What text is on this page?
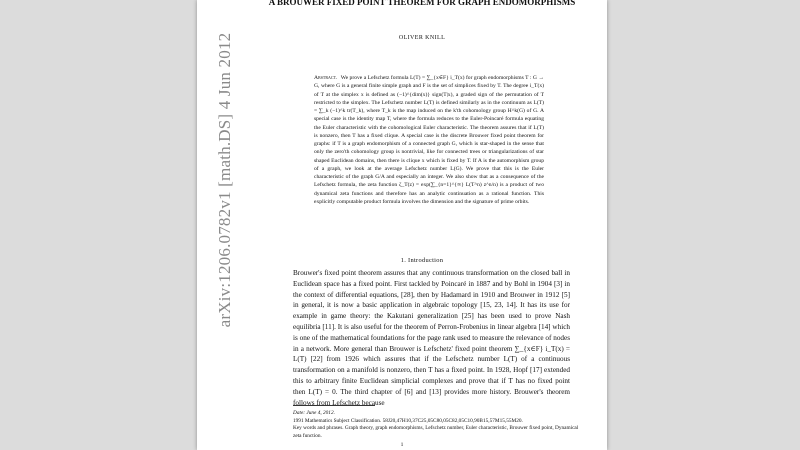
arXiv:1206.0782v1 [math.DS] 4 Jun 2012
A BROUWER FIXED POINT THEOREM FOR GRAPH ENDOMORPHISMS
OLIVER KNILL
Abstract. We prove a Lefschetz formula L(T) = ∑_{x∈F} i_T(x) for graph endomorphisms T : G → G, where G is a general finite simple graph and F is the set of simplices fixed by T. The degree i_T(x) of T at the simplex x is defined as (−1)^{dim(x)} sign(T|x), a graded sign of the permutation of T restricted to the simplex. The Lefschetz number L(T) is defined similarly as in the continuum as L(T) = ∑_k (−1)^k tr(T_k), where T_k is the map induced on the k'th cohomology group H^k(G) of G. A special case is the identity map T, where the formula reduces to the Euler-Poincaré formula equating the Euler characteristic with the cohomological Euler characteristic. The theorem assures that if L(T) is nonzero, then T has a fixed clique. A special case is the discrete Brouwer fixed point theorem for graphs: if T is a graph endomorphism of a connected graph G, which is star-shaped in the sense that only the zero'th cohomology group is nontrivial, like for connected trees or triangularizations of star shaped Euclidean domains, then there is clique x which is fixed by T. If A is the automorphism group of a graph, we look at the average Lefschetz number L(G). We prove that this is the Euler characteristic of the graph G/A and especially an integer. We also show that as a consequence of the Lefschetz formula, the zeta function ζ_T(z) = exp(∑_{n=1}^{∞} L(T^n) z^n/n) is a product of two dynamical zeta functions and therefore has an analytic continuation as a rational function. This explicitly computable product formula involves the dimension and the signature of prime orbits.
1. Introduction
Brouwer's fixed point theorem assures that any continuous transformation on the closed ball in Euclidean space has a fixed point. First tackled by Poincaré in 1887 and by Bohl in 1904 [3] in the context of differential equations, [28], then by Hadamard in 1910 and Brouwer in 1912 [5] in general, it is now a basic application in algebraic topology [15, 23, 14]. It has its use for example in game theory: the Kakutani generalization [25] has been used to prove Nash equilibria [11]. It is also useful for the theorem of Perron-Frobenius in linear algebra [14] which is one of the mathematical foundations for the page rank used to measure the relevance of nodes in a network. More general than Brouwer is Lefschetz' fixed point theorem ∑_{x∈F} i_T(x) = L(T) [22] from 1926 which assures that if the Lefschetz number L(T) of a continuous transformation on a manifold is nonzero, then T has a fixed point. In 1928, Hopf [17] extended this to arbitrary finite Euclidean simplicial complexes and prove that if T has no fixed point then L(T) = 0. The third chapter of [6] and [13] provides more history. Brouwer's theorem follows from Lefschetz because

Date: June 4, 2012.

1991 Mathematics Subject Classification. 58J20,47H10,37C25,05C80,05C82,05C10,90B15,57M15,55M20.

Key words and phrases. Graph theory, graph endomorphisms, Lefschetz number, Euler characteristic, Brouwer fixed point, Dynamical zeta function.

1
